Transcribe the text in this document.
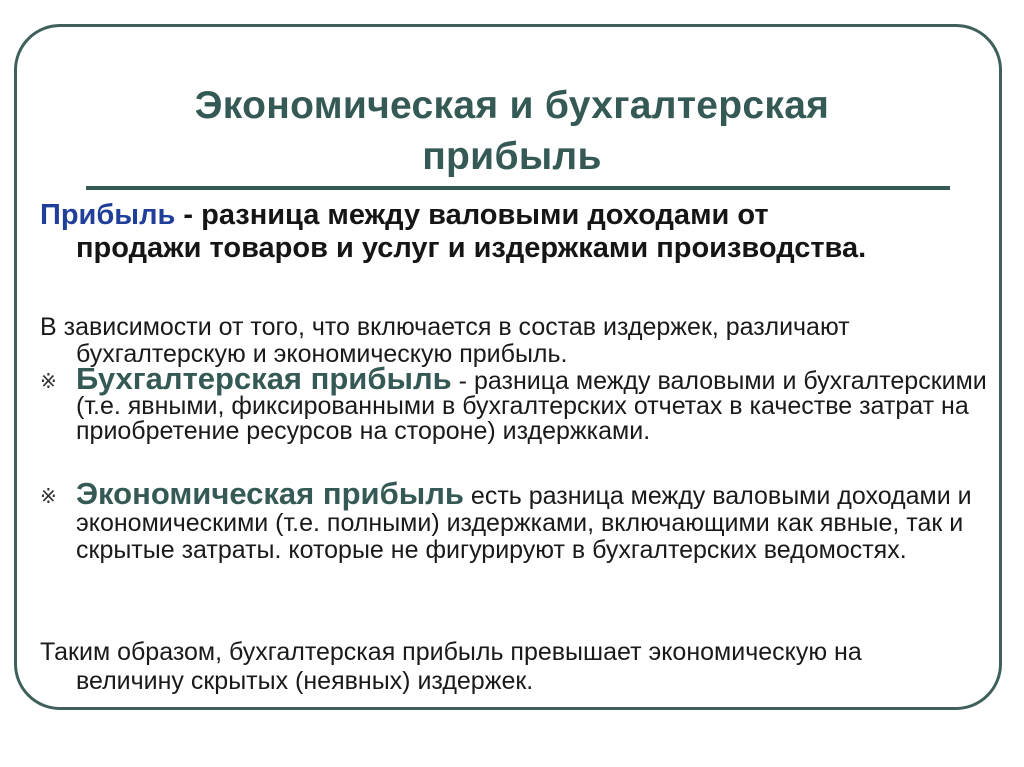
Экономическая и бухгалтерская
прибыль
Прибыль - разница между валовыми доходами от
продажи товаров и услуг и издержками производства.
В зависимости от того, что включается в состав издержек, различают
бухгалтерскую и экономическую прибыль.
※ Бухгалтерская прибыль - разница между валовыми и бухгалтерскими (т.е. явными, фиксированными в бухгалтерских отчетах в качестве затрат на приобретение ресурсов на стороне) издержками.
※ Экономическая прибыль есть разница между валовыми доходами и экономическими (т.е. полными) издержками, включающими как явные, так и скрытые затраты. которые не фигурируют в бухгалтерских ведомостях.
Таким образом, бухгалтерская прибыль превышает экономическую на
величину скрытых (неявных) издержек.
